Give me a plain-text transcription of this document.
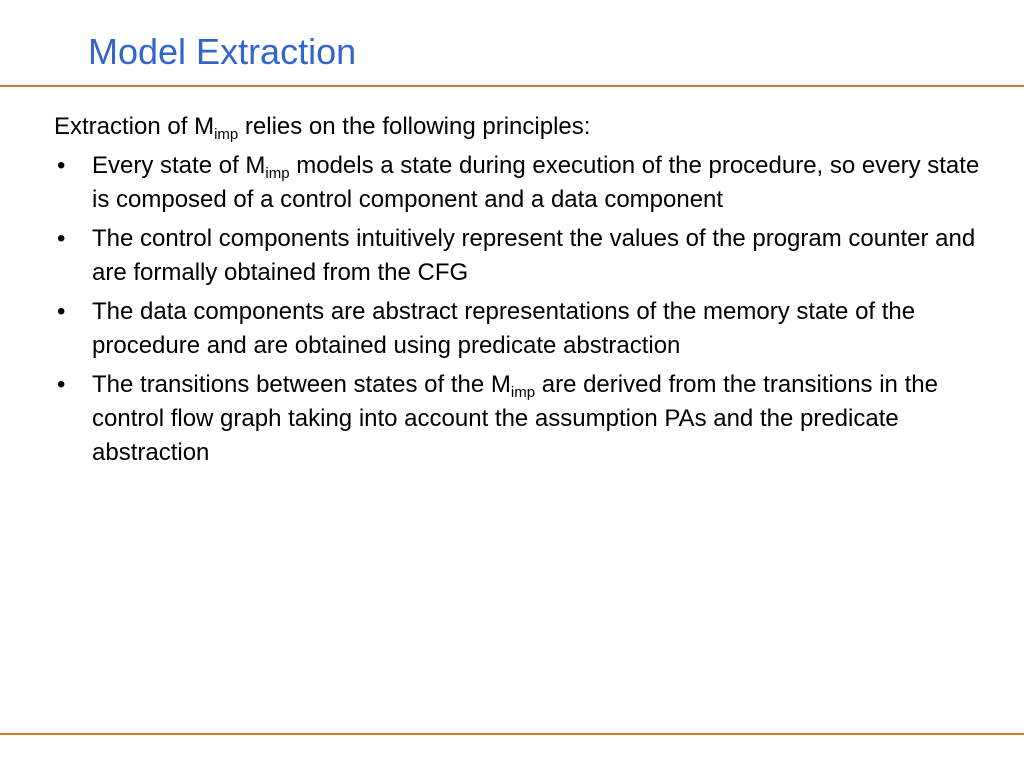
Model Extraction

Extraction of $M_{imp}$ relies on the following principles:

• Every state of $M_{imp}$ models a state during execution of the procedure, so every state is composed of a control component and a data component
• The control components intuitively represent the values of the program counter and are formally obtained from the CFG
• The data components are abstract representations of the memory state of the procedure and are obtained using predicate abstraction
• The transitions between states of the $M_{imp}$ are derived from the transitions in the control flow graph taking into account the assumption PAs and the predicate abstraction
